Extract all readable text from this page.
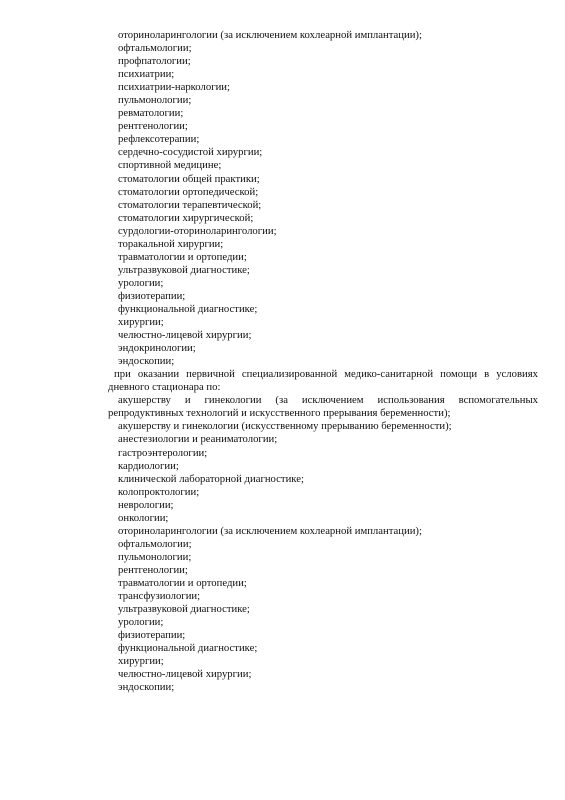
оториноларингологии (за исключением кохлеарной имплантации);
офтальмологии;
профпатологии;
психиатрии;
психиатрии-наркологии;
пульмонологии;
ревматологии;
рентгенологии;
рефлексотерапии;
сердечно-сосудистой хирургии;
спортивной медицине;
стоматологии общей практики;
стоматологии ортопедической;
стоматологии терапевтической;
стоматологии хирургической;
сурдологии-оториноларингологии;
торакальной хирургии;
травматологии и ортопедии;
ультразвуковой диагностике;
урологии;
физиотерапии;
функциональной диагностике;
хирургии;
челюстно-лицевой хирургии;
эндокринологии;
эндоскопии;
при оказании первичной специализированной медико-санитарной помощи в условиях
дневного стационара по:
акушерству и гинекологии (за исключением использования вспомогательных
репродуктивных технологий и искусственного прерывания беременности);
акушерству и гинекологии (искусственному прерыванию беременности);
анестезиологии и реаниматологии;
гастроэнтерологии;
кардиологии;
клинической лабораторной диагностике;
колопроктологии;
неврологии;
онкологии;
оториноларингологии (за исключением кохлеарной имплантации);
офтальмологии;
пульмонологии;
рентгенологии;
травматологии и ортопедии;
трансфузиологии;
ультразвуковой диагностике;
урологии;
физиотерапии;
функциональной диагностике;
хирургии;
челюстно-лицевой хирургии;
эндоскопии;
